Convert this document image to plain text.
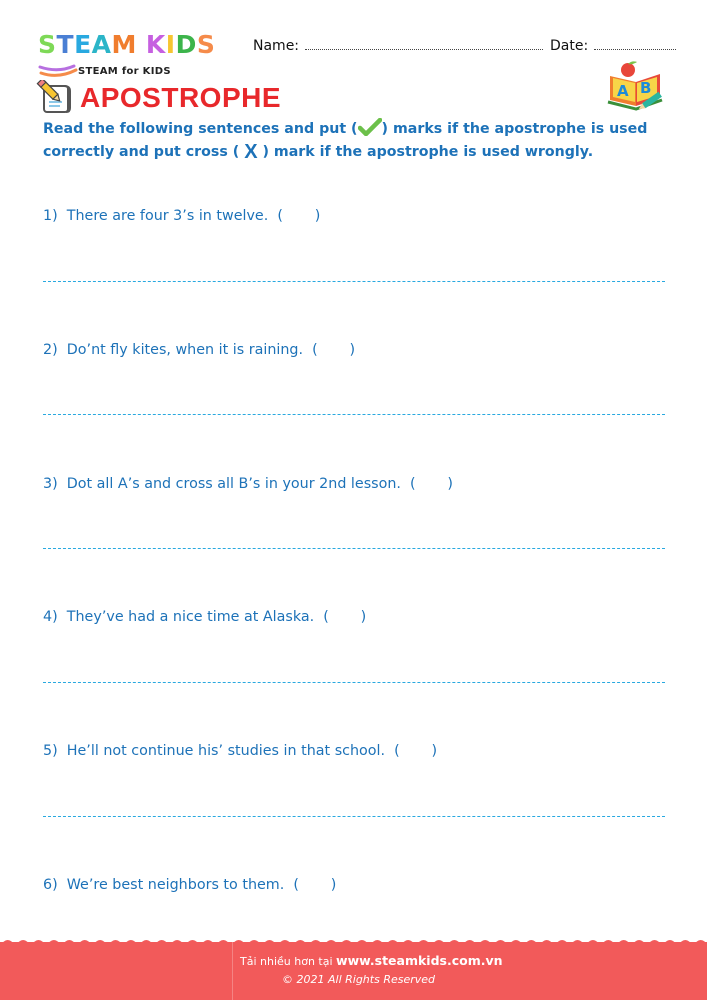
STEAM KIDS
STEAM for KIDS
Name:	Date:
APOSTROPHE	A B
Read the following sentences and put ( ) marks if the apostrophe is used correctly and put cross ( X ) mark if the apostrophe is used wrongly.
1)  There are four 3’s in twelve.  (       )
2)  Do’nt fly kites, when it is raining.  (       )
3)  Dot all A’s and cross all B’s in your 2nd lesson.  (       )
4)  They’ve had a nice time at Alaska.  (       )
5)  He’ll not continue his’ studies in that school.  (       )
6)  We’re best neighbors to them.  (       )
Tải nhiều hơn tại www.steamkids.com.vn
© 2021 All Rights Reserved
